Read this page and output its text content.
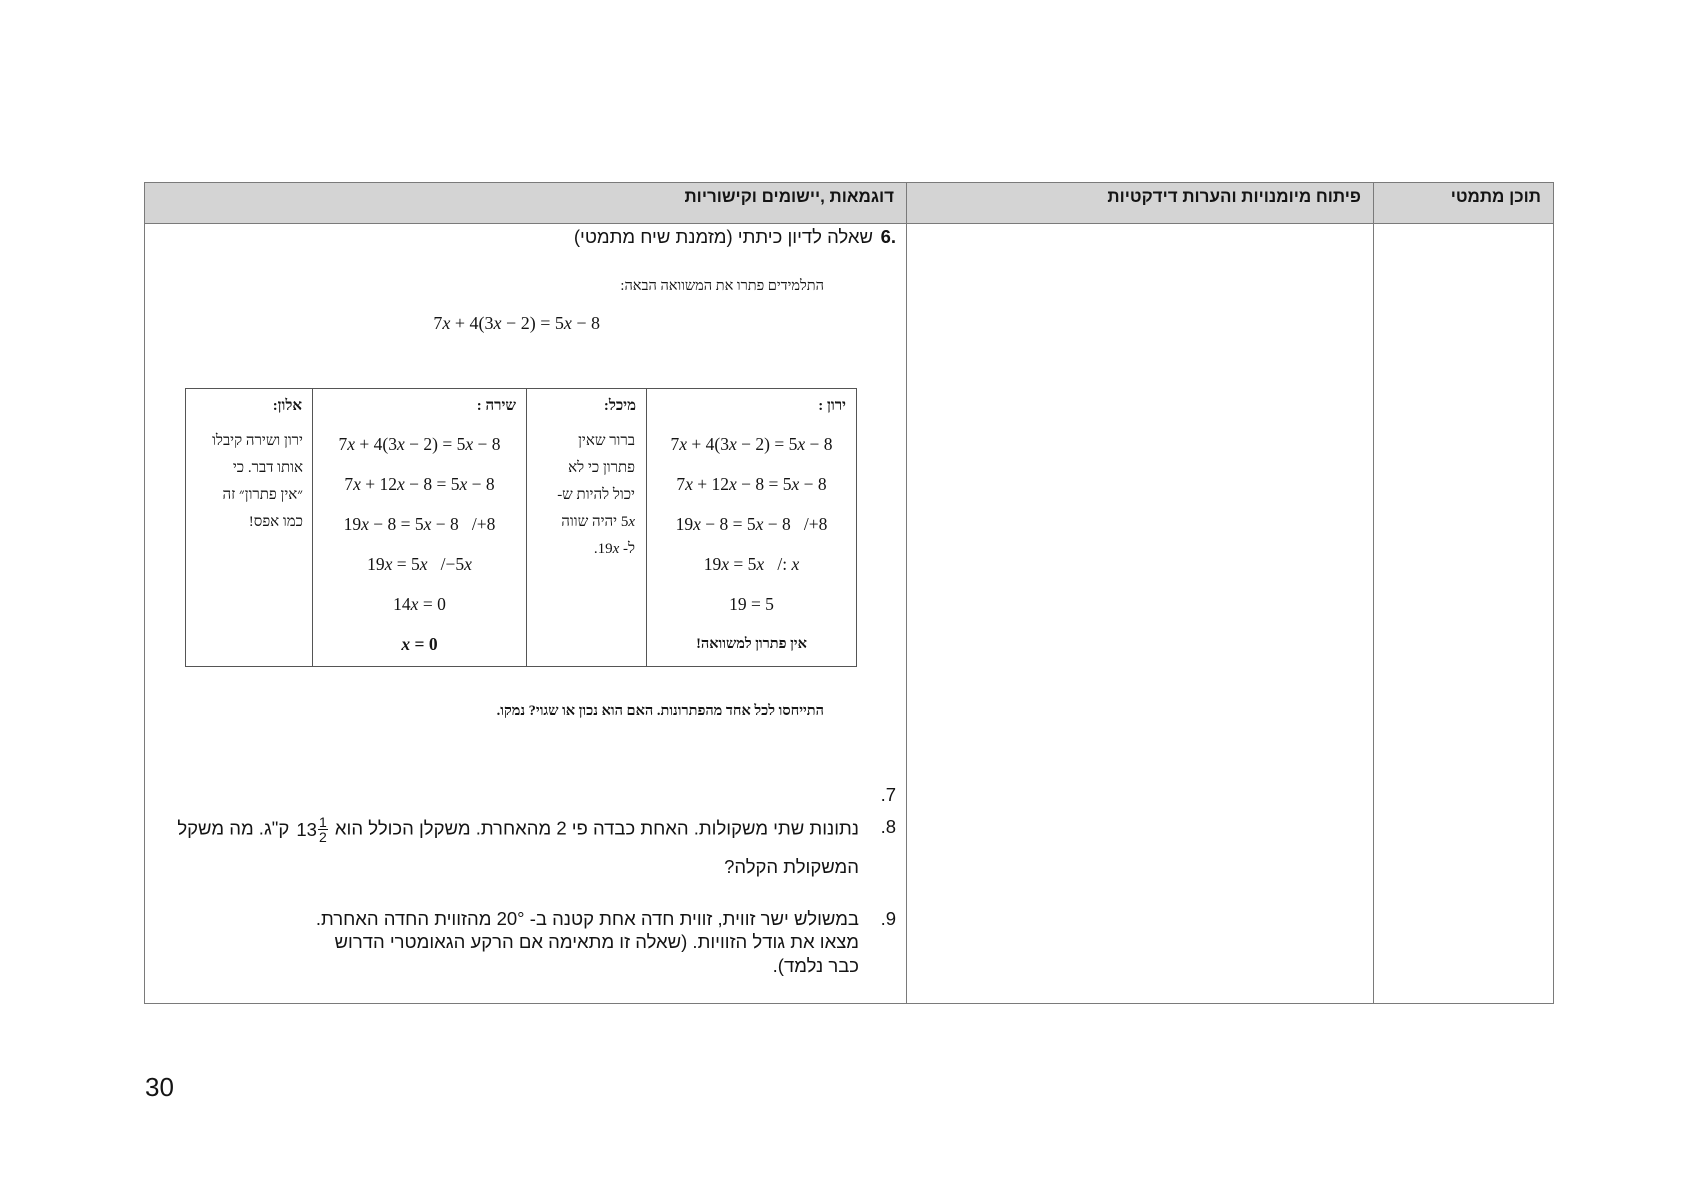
דוגמאות ,יישומים וקישוריות	פיתוח מיומנויות והערות דידקטיות	תוכן מתמטי
6.
שאלה לדיון כיתתי (מזמנת שיח מתמטי)
התלמידים פתרו את המשוואה הבאה:
7x + 4(3x − 2) = 5x − 8
ירון :
7x + 4(3x − 2) = 5x − 8
7x + 12x − 8 = 5x − 8
19x − 8 = 5x − 8   /+8
19x = 5x   /: x
19 = 5
אין פתרון למשוואה!
מיכל:
ברור שאין
פתרון כי לא
יכול להיות ש-
5x יהיה שווה
ל- 19x.
שירה :
7x + 4(3x − 2) = 5x − 8
7x + 12x − 8 = 5x − 8
19x − 8 = 5x − 8   /+8
19x = 5x   /−5x
14x = 0
x = 0
אלון:
ירון ושירה קיבלו
אותו דבר. כי
״אין פתרון״ זה
כמו אפס!
התייחסו לכל אחד מהפתרונות. האם הוא נכון או שגוי? נמקו.
7.
8.
נתונות שתי משקולות. האחת כבדה פי 2 מהאחרת. משקלן הכולל הוא
$13 \frac{1}{2}$
ק"ג. מה משקל
המשקולת הקלה?
9.
במשולש ישר זווית, זווית חדה אחת קטנה ב- 20° מהזווית החדה האחרת.
מצאו את גודל הזוויות. (שאלה זו מתאימה אם הרקע הגאומטרי הדרוש
כבר נלמד).
30
